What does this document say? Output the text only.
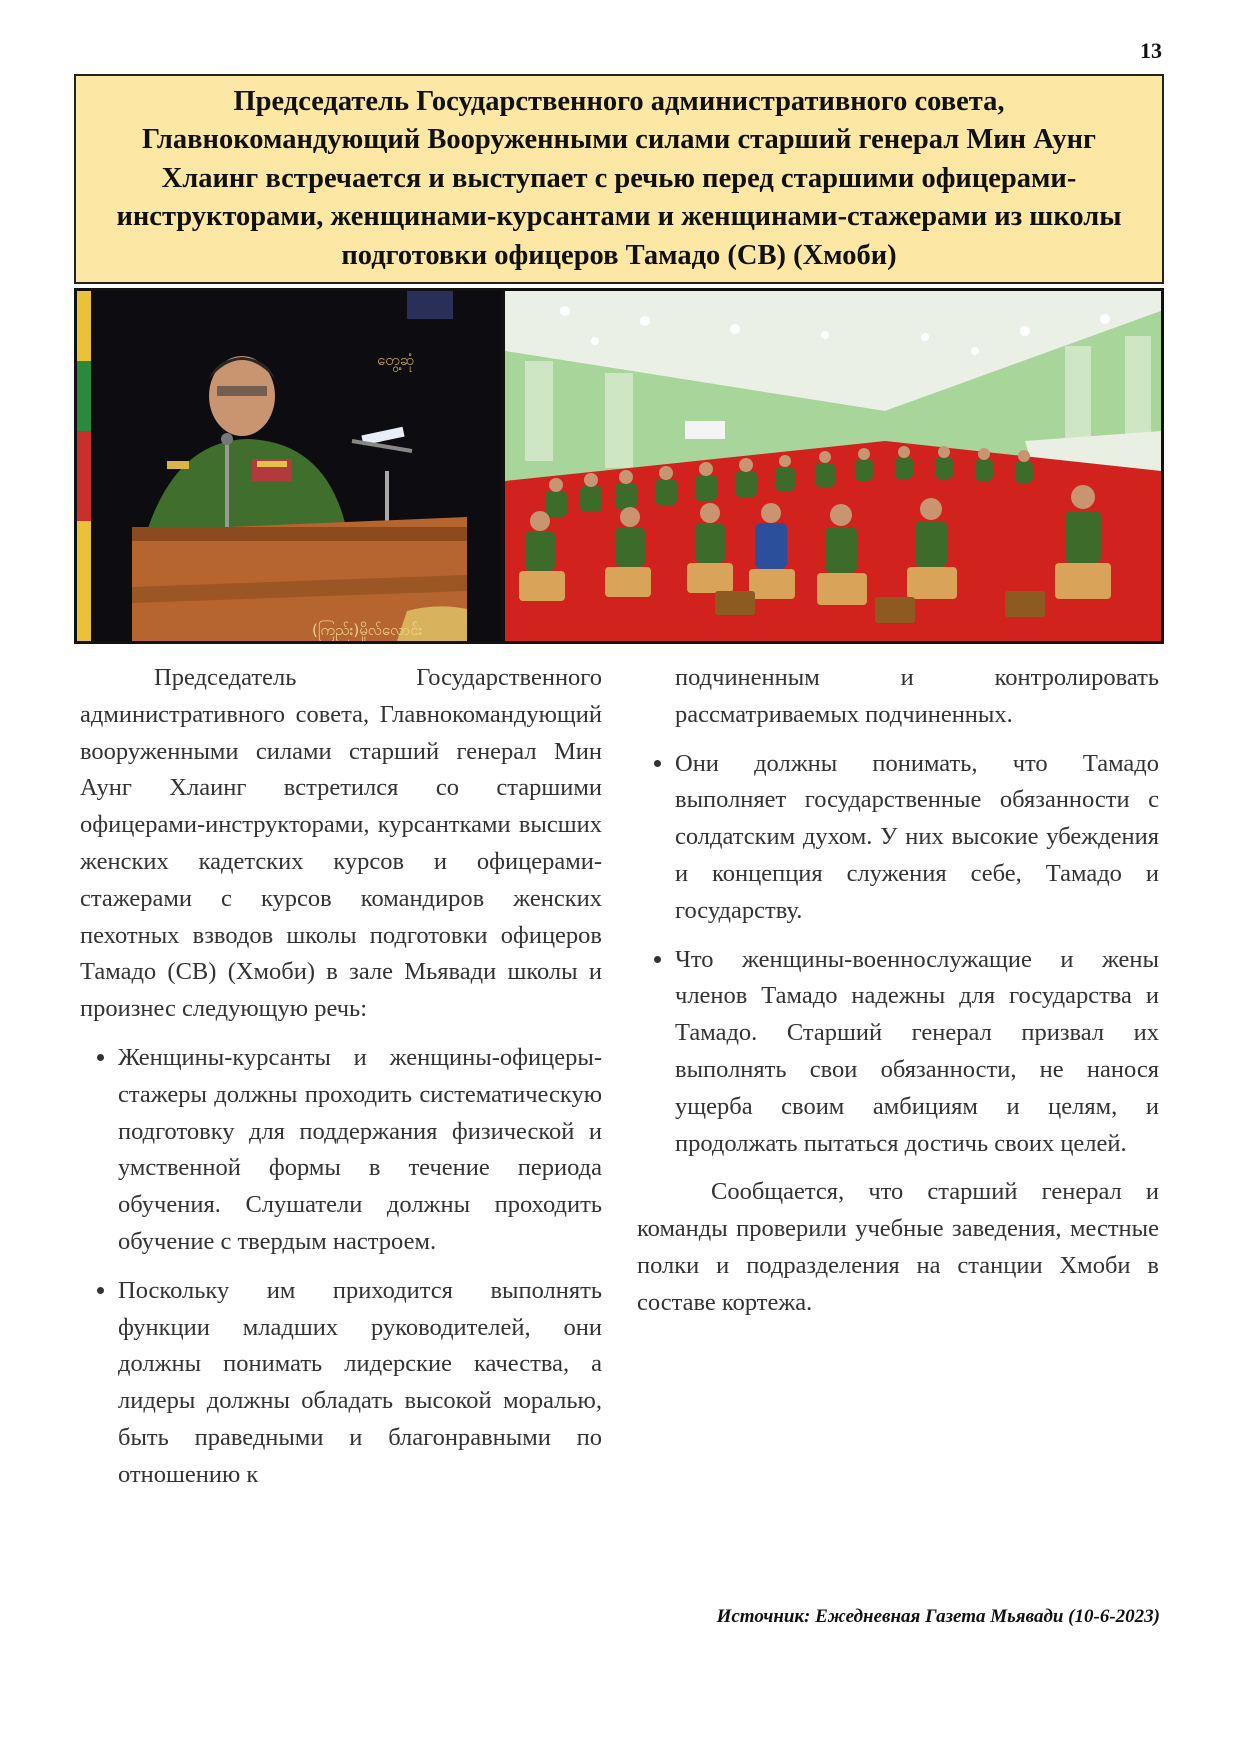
13
Председатель Государственного административного совета, Главнокомандующий Вооруженными силами старший генерал Мин Аунг Хлаинг встречается и выступает с речью перед старшими офицерами-инструкторами, женщинами-курсантами и женщинами-стажерами из школы подготовки офицеров Тамадо (СВ) (Хмоби)
တွေ့ဆုံ
(ကြည်း)မှိုလ်လောင်း

Председатель Государственного административного совета, Главнокомандующий вооруженными силами старший генерал Мин Аунг Хлаинг встретился со старшими офицерами-инструкторами, курсантками высших женских кадетских курсов и офицерами-стажерами с курсов командиров женских пехотных взводов школы подготовки офицеров Тамадо (СВ) (Хмоби) в зале Мьявади школы и произнес следующую речь:

• Женщины-курсанты и женщины-офицеры-стажеры должны проходить систематическую подготовку для поддержания физической и умственной формы в течение периода обучения. Слушатели должны проходить обучение с твердым настроем.
• Поскольку им приходится выполнять функции младших руководителей, они должны понимать лидерские качества, а лидеры должны обладать высокой моралью, быть праведными и благонравными по отношению к
подчиненным и контролировать рассматриваемых подчиненных.
• Они должны понимать, что Тамадо выполняет государственные обязанности с солдатским духом. У них высокие убеждения и концепция служения себе, Тамадо и государству.
• Что женщины-военнослужащие и жены членов Тамадо надежны для государства и Тамадо. Старший генерал призвал их выполнять свои обязанности, не нанося ущерба своим амбициям и целям, и продолжать пытаться достичь своих целей.

Сообщается, что старший генерал и команды проверили учебные заведения, местные полки и подразделения на станции Хмоби в составе кортежа.

Источник: Ежедневная Газета Мьявади (10-6-2023)
